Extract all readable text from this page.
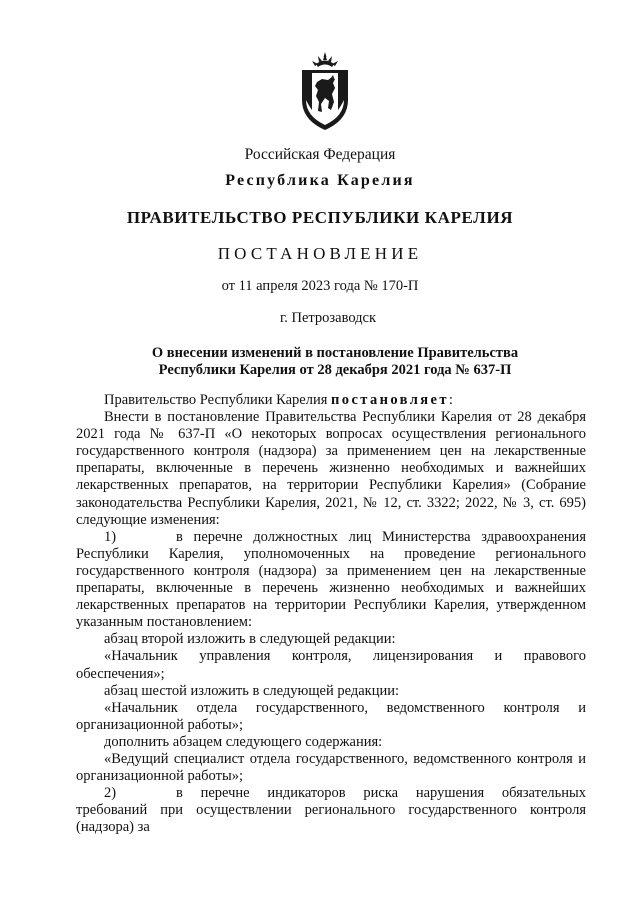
Российская Федерация
Республика Карелия
ПРАВИТЕЛЬСТВО РЕСПУБЛИКИ КАРЕЛИЯ
ПОСТАНОВЛЕНИЕ
от 11 апреля 2023 года № 170-П
г. Петрозаводск
О внесении изменений в постановление Правительства
Республики Карелия от 28 декабря 2021 года № 637-П
Правительство Республики Карелия постановляет:
Внести в постановление Правительства Республики Карелия от 28 декабря 2021 года № 637-П «О некоторых вопросах осуществления регионального государственного контроля (надзора) за применением цен на лекарственные препараты, включенные в перечень жизненно необходимых и важнейших лекарственных препаратов, на территории Республики Карелия» (Собрание законодательства Республики Карелия, 2021, № 12, ст. 3322; 2022, № 3, ст. 695) следующие изменения:
1)	в перечне должностных лиц Министерства здравоохранения Республики Карелия, уполномоченных на проведение регионального государственного контроля (надзора) за применением цен на лекарственные препараты, включенные в перечень жизненно необходимых и важнейших лекарственных препаратов на территории Республики Карелия, утвержденном указанным постановлением:
абзац второй изложить в следующей редакции:
«Начальник управления контроля, лицензирования и правового обеспечения»;
абзац шестой изложить в следующей редакции:
«Начальник отдела государственного, ведомственного контроля и организационной работы»;
дополнить абзацем следующего содержания:
«Ведущий специалист отдела государственного, ведомственного контроля и организационной работы»;
2)	в перечне индикаторов риска нарушения обязательных требований при осуществлении регионального государственного контроля (надзора) за
